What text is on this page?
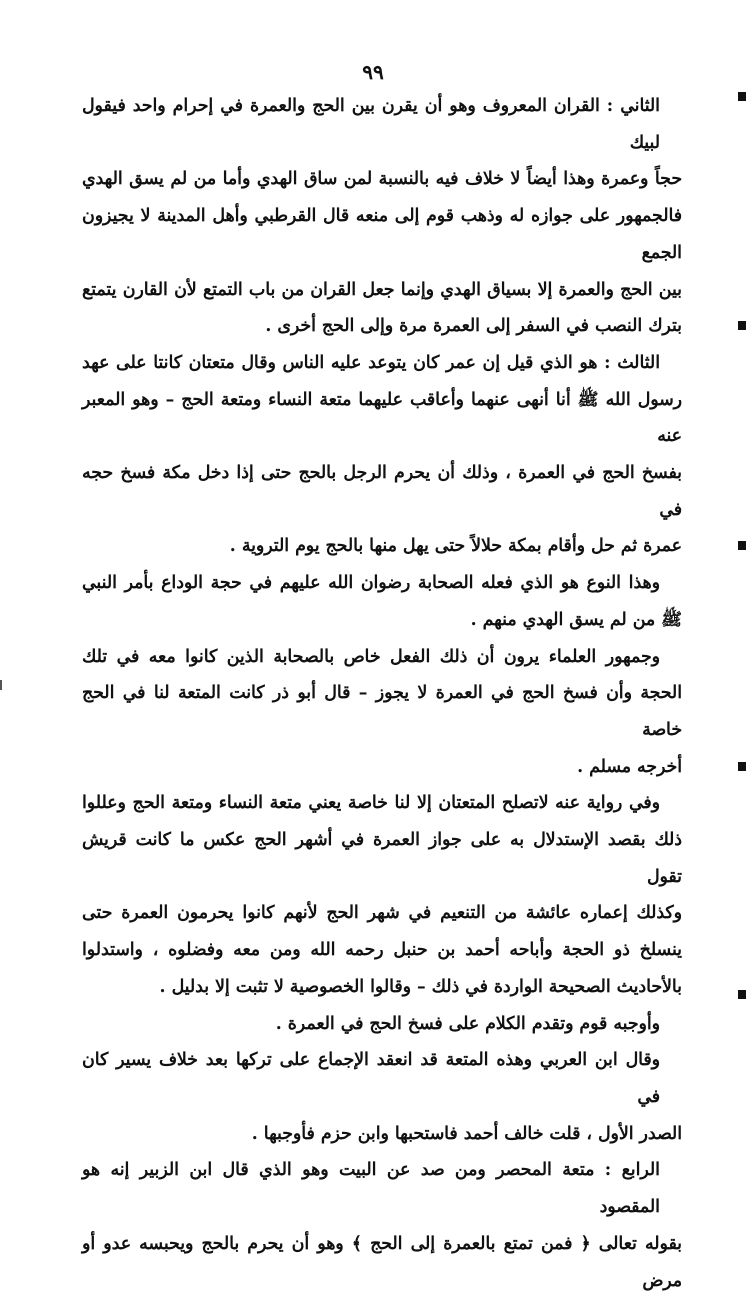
٩٩

الثاني : القران المعروف وهو أن يقرن بين الحج والعمرة في إحرام واحد فيقول لبيك

حجاً وعمرة وهذا أيضاً لا خلاف فيه بالنسبة لمن ساق الهدي وأما من لم يسق الهدي

فالجمهور على جوازه له وذهب قوم إلى منعه قال القرطبي وأهل المدينة لا يجيزون الجمع

بين الحج والعمرة إلا بسياق الهدي وإنما جعل القران من باب التمتع لأن القارن يتمتع

بترك النصب في السفر إلى العمرة مرة وإلى الحج أخرى .

الثالث : هو الذي قيل إن عمر كان يتوعد عليه الناس وقال متعتان كانتا على عهد

رسول الله ﷺ أنا أنهى عنهما وأعاقب عليهما متعة النساء ومتعة الحج – وهو المعبر عنه

بفسخ الحج في العمرة ، وذلك أن يحرم الرجل بالحج حتى إذا دخل مكة فسخ حجه في

عمرة ثم حل وأقام بمكة حلالاً حتى يهل منها بالحج يوم التروية .

وهذا النوع هو الذي فعله الصحابة رضوان الله عليهم في حجة الوداع بأمر النبي

ﷺ من لم يسق الهدي منهم .

وجمهور العلماء يرون أن ذلك الفعل خاص بالصحابة الذين كانوا معه في تلك

الحجة وأن فسخ الحج في العمرة لا يجوز – قال أبو ذر كانت المتعة لنا في الحج خاصة

أخرجه مسلم .

وفي رواية عنه لاتصلح المتعتان إلا لنا خاصة يعني متعة النساء ومتعة الحج وعللوا

ذلك بقصد الإستدلال به على جواز العمرة في أشهر الحج عكس ما كانت قريش تقول

وكذلك إعماره عائشة من التنعيم في شهر الحج لأنهم كانوا يحرمون العمرة حتى

ينسلخ ذو الحجة وأباحه أحمد بن حنبل رحمه الله ومن معه وفضلوه ، واستدلوا

بالأحاديث الصحيحة الواردة في ذلك – وقالوا الخصوصية لا تثبت إلا بدليل .

وأوجبه قوم وتقدم الكلام على فسخ الحج في العمرة .

وقال ابن العربي وهذه المتعة قد انعقد الإجماع على تركها بعد خلاف يسير كان في

الصدر الأول ، قلت خالف أحمد فاستحبها وابن حزم فأوجبها .

الرابع : متعة المحصر ومن صد عن البيت وهو الذي قال ابن الزبير إنه هو المقصود

بقوله تعالى ﴿ فمن تمتع بالعمرة إلى الحج ﴾ وهو أن يحرم بالحج ويحبسه عدو أو مرض
